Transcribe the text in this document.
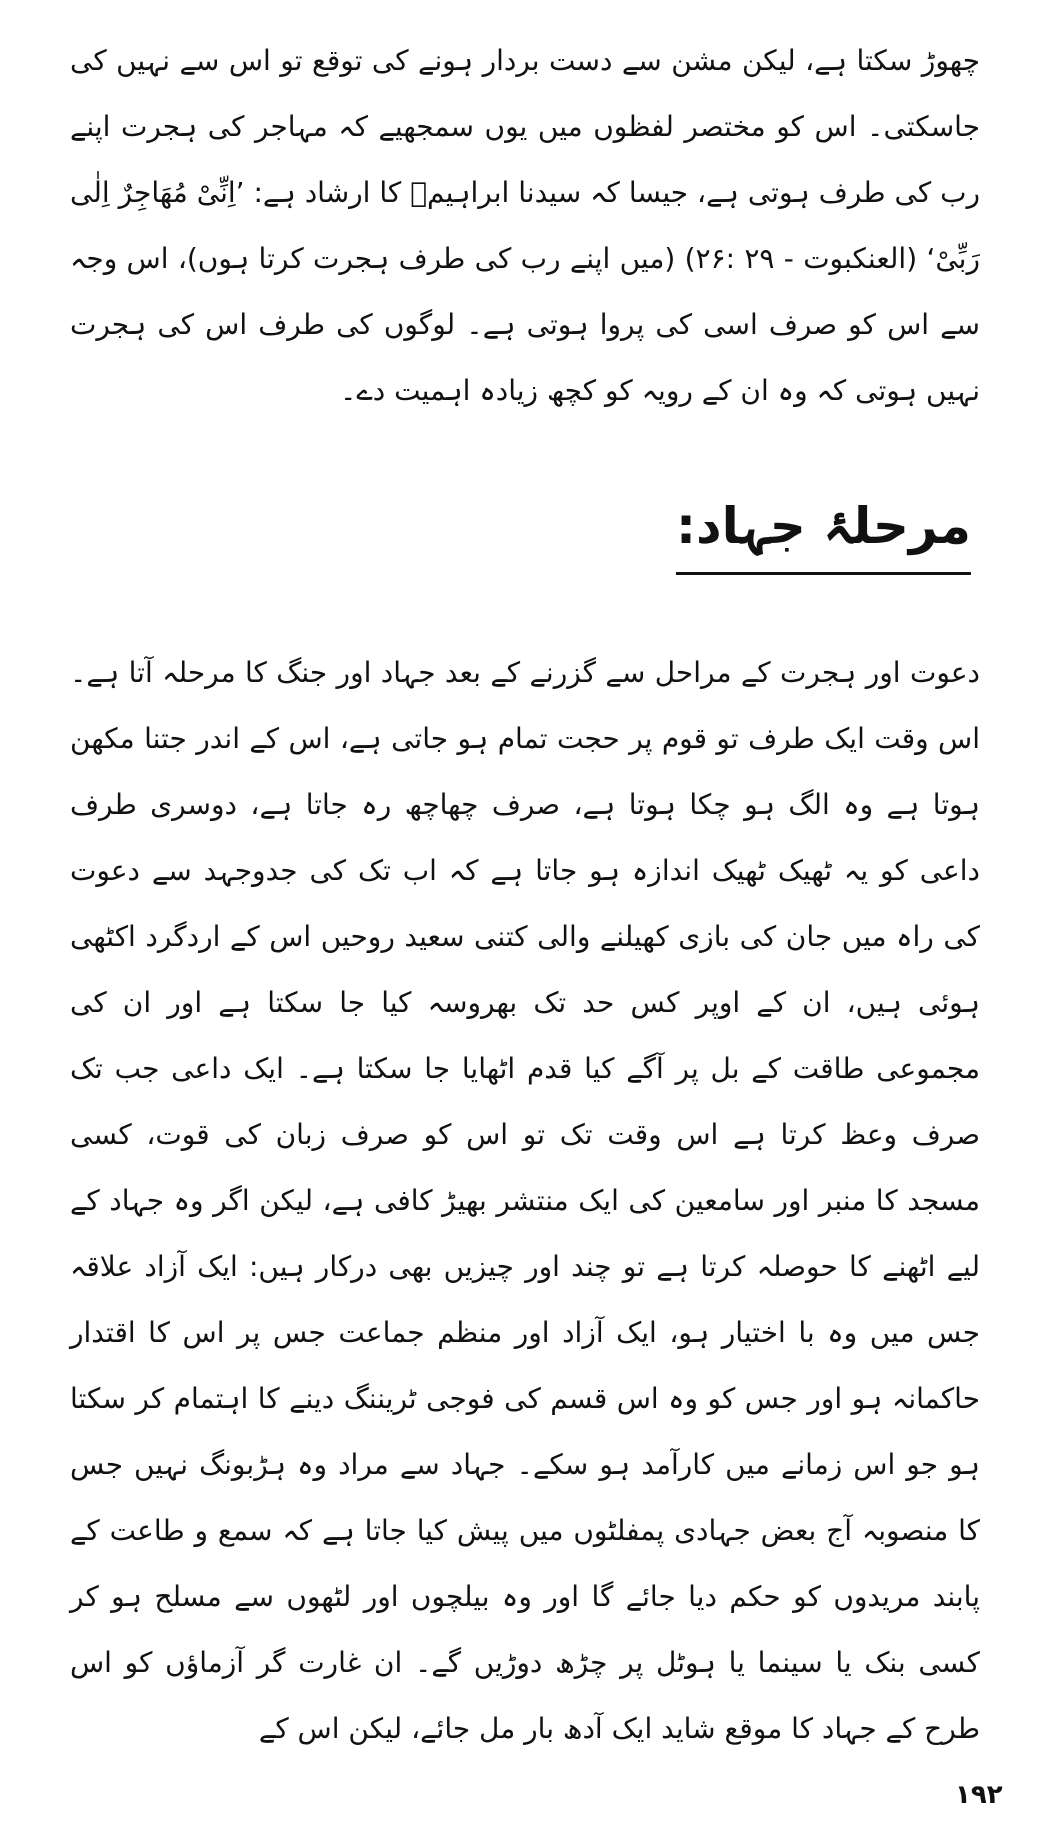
چھوڑ سکتا ہے، لیکن مشن سے دست بردار ہونے کی توقع تو اس سے نہیں کی جاسکتی۔ اس کو مختصر لفظوں میں یوں سمجھیے کہ مہاجر کی ہجرت اپنے رب کی طرف ہوتی ہے، جیسا کہ سیدنا ابراہیمؑ کا ارشاد ہے: ’اِنِّیْ مُھَاجِرٌ اِلٰی رَبِّیْ‘ (العنکبوت - ۲۹ :۲۶) (میں اپنے رب کی طرف ہجرت کرتا ہوں)، اس وجہ سے اس کو صرف اسی کی پروا ہوتی ہے۔ لوگوں کی طرف اس کی ہجرت نہیں ہوتی کہ وہ ان کے رویہ کو کچھ زیادہ اہمیت دے۔

مرحلۂ جہاد:

دعوت اور ہجرت کے مراحل سے گزرنے کے بعد جہاد اور جنگ کا مرحلہ آتا ہے۔ اس وقت ایک طرف تو قوم پر حجت تمام ہو جاتی ہے، اس کے اندر جتنا مکھن ہوتا ہے وہ الگ ہو چکا ہوتا ہے، صرف چھاچھ رہ جاتا ہے، دوسری طرف داعی کو یہ ٹھیک ٹھیک اندازہ ہو جاتا ہے کہ اب تک کی جدوجہد سے دعوت کی راہ میں جان کی بازی کھیلنے والی کتنی سعید روحیں اس کے اردگرد اکٹھی ہوئی ہیں، ان کے اوپر کس حد تک بھروسہ کیا جا سکتا ہے اور ان کی مجموعی طاقت کے بل پر آگے کیا قدم اٹھایا جا سکتا ہے۔ ایک داعی جب تک صرف وعظ کرتا ہے اس وقت تک تو اس کو صرف زبان کی قوت، کسی مسجد کا منبر اور سامعین کی ایک منتشر بھیڑ کافی ہے، لیکن اگر وہ جہاد کے لیے اٹھنے کا حوصلہ کرتا ہے تو چند اور چیزیں بھی درکار ہیں: ایک آزاد علاقہ جس میں وہ با اختیار ہو، ایک آزاد اور منظم جماعت جس پر اس کا اقتدار حاکمانہ ہو اور جس کو وہ اس قسم کی فوجی ٹریننگ دینے کا اہتمام کر سکتا ہو جو اس زمانے میں کارآمد ہو سکے۔ جہاد سے مراد وہ ہڑبونگ نہیں جس کا منصوبہ آج بعض جہادی پمفلٹوں میں پیش کیا جاتا ہے کہ سمع و طاعت کے پابند مریدوں کو حکم دیا جائے گا اور وہ بیلچوں اور لٹھوں سے مسلح ہو کر کسی بنک یا سینما یا ہوٹل پر چڑھ دوڑیں گے۔ ان غارت گر آزماؤں کو اس طرح کے جہاد کا موقع شاید ایک آدھ بار مل جائے، لیکن اس کے

۱۹۲
